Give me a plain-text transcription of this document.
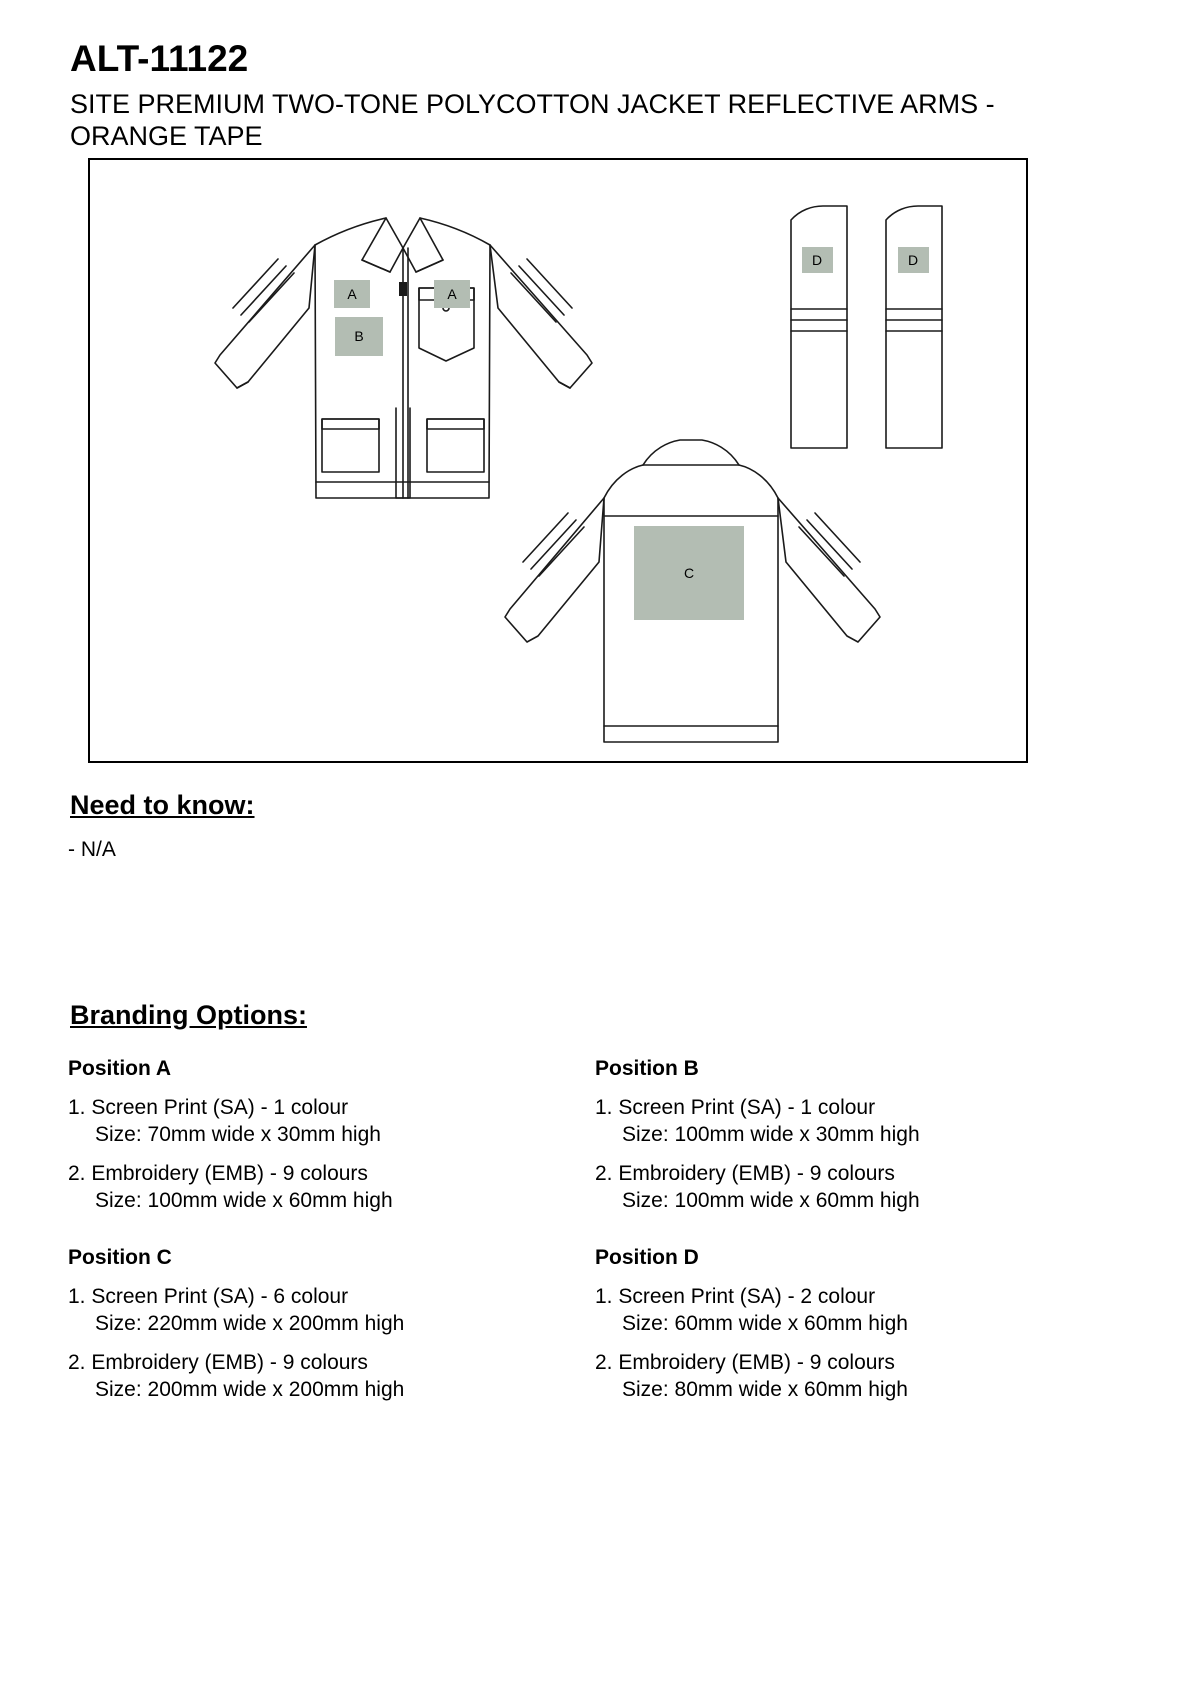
ALT-11122
SITE PREMIUM TWO-TONE POLYCOTTON JACKET REFLECTIVE ARMS - ORANGE TAPE
A	A
B
C
D	D
Need to know:
- N/A
Branding Options:
Position A
1. Screen Print (SA) - 1 colour
Size: 70mm wide x 30mm high
2. Embroidery (EMB) - 9 colours
Size: 100mm wide x 60mm high
Position B
1. Screen Print (SA) - 1 colour
Size: 100mm wide x 30mm high
2. Embroidery (EMB) - 9 colours
Size: 100mm wide x 60mm high
Position C
1. Screen Print (SA) - 6 colour
Size: 220mm wide x 200mm high
2. Embroidery (EMB) - 9 colours
Size: 200mm wide x 200mm high
Position D
1. Screen Print (SA) - 2 colour
Size: 60mm wide x 60mm high
2. Embroidery (EMB) - 9 colours
Size: 80mm wide x 60mm high
